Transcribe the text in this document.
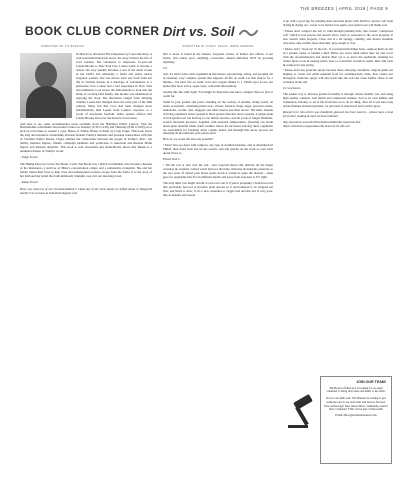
THE BREEZES | APRIL 2019 | PAGE 9
BOOK CLUB CORNER
SUBMITTED BY KIT BARLING

In March we discussed The Chaperone by Laura Moriarty. A well-researched historical novel, the story follows the life of Cora Carlisle. She volunteers to chaperone 15-year-old Louise Brooks to New York City. Louise wants to become a dancer and very quickly becomes a star of the silent screen in the 1920's and ultimately a faded and jaded, nearly forgotten woman. The tale moves back and forth from her life in Wichita Kansas in a marriage of convenience to a passionate love. Louise had a bad experience in New York and ultimately Cora leaves the Adirondacks to look into the home of a loving farm family. The mother was unanimous in enjoying the book. The discussion ranged from debating whether Louise had changed since the early part of the 20th century. Many felt that Cora had been changed more fundamentally than Louise from Louise's exposure to a world of newfound freedom. Other readers offered that Louise Brooks and were fascinated to learn more.

And here is are some recommended reads available from the Hamilton Public Library. Visit the Booksmobile at Romantic Recreation Center on Tuesday (2:30 to 4:30) and Thursday (6:00 to 8:00) on or pick up a brochure to request a copy. House of Trump, House of Putin by Craig Unger. This book traces the long and extensive relationship between Donald Trump's business and personal transactions with that of Vladimir Putin's Russia. Unger outlines the connections between the people in Trump's orbit - his family, business figures, friends, campaign members and politicians to American and Russian Mafia figures and Russian oligarchs. This book is well researched and methodically shows that Russia is a dominant feature of Trump's world.

- Paige Turner

The Hiding Place by Corrie Ten Boom. Corrie Ten Boom was a Dutch watchmaker who became a heroine of the Resistance, a survivor of Hitler's concentration camps, and a remarkable evangelist. She and her family risked their lives to help Jews and underground workers escape from the Nazis. It is the story of her faith and her belief that faith ultimately triumphs over evil. An inspiring novel.

- Paige Turner

Have you read any of our recommendations? Liked any of the same books we talked about or disagreed totally? Let us know at bsbooksclub@aol.com.

Dirt vs. Soil
SUBMITTED BY CANDY VEGAS, MEMA SARDINE

Dirt is dead, is found in the darkest, forgotten corners of homes and offices, is not fertile, and cannot grow anything. Correction: should definitely NOT be growing anything!

VS

Soil, it's alive! Alive with organisms & microbiota, reproducing, eating, and pooping out in essential, very complex system that supports all life on earth. Let that sink in for a minute... We have life on earth, food and oxygen thanks to a 15mm layer across our planet (the most active, upper layer, called the rhizosphere).

Sounds like fun stuff right? Soil might be important and more complex than we give it credit for.

Stand in your garden and you're standing on the rooftop of another, living world; an entire ecosystem, containing plant roots, viruses, bacteria, fungi, algae, protozoa, mites, nematodes, worms, ants, maggots and other insects and their larvae. The sheer amount of living organisms below ground is often greater than that above ground. A single gram of rich garden soil can hold up to one billion bacteria, several yards of fungal filaments, several thousand protozoa. Together with seasonal temperatures, (freezing can break down plant material while warm weather allows for increased activity) these organisms are responsible for breaking down organic matter and through that decay process are releasing all the nutrients your plants need.

How do we create the best soil possible?

• Easy! Just top dress with compost, any type of sterilized manure, and or shredded leaf Mulch, then stand back and let the worms, rain and gravity do the work so your back doesn't have to.

Please Don't...

• Till the soil or turn over the soil - new research shows this disturbs all the tiniest creatures & carefully crafted worm burrows that help rainwater & nutrients penetrate to the root zone. If turned your house spade down it would be quite the disaster - same goes for organisms that live in different depths and away from exposure to UV light.

The only timer you might retrofit or turn over soil is if you're preparing a brand new bed that previously had sod or invasive plant species so it and bothered to be stripped out first, and filled it. Also, if it's a new perennial or veggie bed and the soil is very poor, mix in manure and loosen

it up with a good dig for planting then surround plants with mulch to protect soil from drying & drying out - never to be turned over again, your plant roots will thank you!

• Please don't compact the soil or walk through planting beds, this creates "compacted soil" which is less porous and doesn't allow water to penetrate to the roots properly. It also doesn't drain properly. Clear soil is a bit spongy, crumbly, and should resemble chocolate cake crumbs more than dust, play-dough or clay.

• Please don't "clean up" in the fall - if you must trim things back, compost them on site in a garden corner or behind a shed. Better yet, leave them where they lay and cover with the aforementioned leaf mulch. Best yet is to leave the seedheads standing for winter birds to eat & nesting native bees to overwinter in hollow stems, then trim back & compost in late spring.

• Please don't use pesticide sprays because those annoying caterpillar, slugs & grubs are helping to create soil AND essential food for seedlings/baby birds. Pest cannot see biological. Pesticide sprays will also leach into the soil and cause further chaos to the creatures in the soil.

In Conclusion

The easiest way to increase garden fecundity is through robust, healthy soil, and using high quality compost, leaf mulch and composted manure. Soil is its own habitat and foundation, literally, to all of life from here on to do its thing, after all it was here long before humans invented gardens, we just need to stand back and watch it grow.

Research for this article was thankfully gleaned via these sources - please have a look for further reading & more technical details:

http://pwuntree.wsu.edu/DirectSoil/soil2&2/doc/supertion.htm
https://extension.oregonstate.edu/news/secret-life-soil

JOIN OUR TEAM!
The Board of Directors is looking for an eager volunteer to bring new ideas and skills to the table.
Now is our 40th year. The Breezes is looking to put someone new at our seats that will lead us forward. New technology! New ideas! More community events! New volunteer! YOU can be part of that team!
Email office@northernbreezes.com
